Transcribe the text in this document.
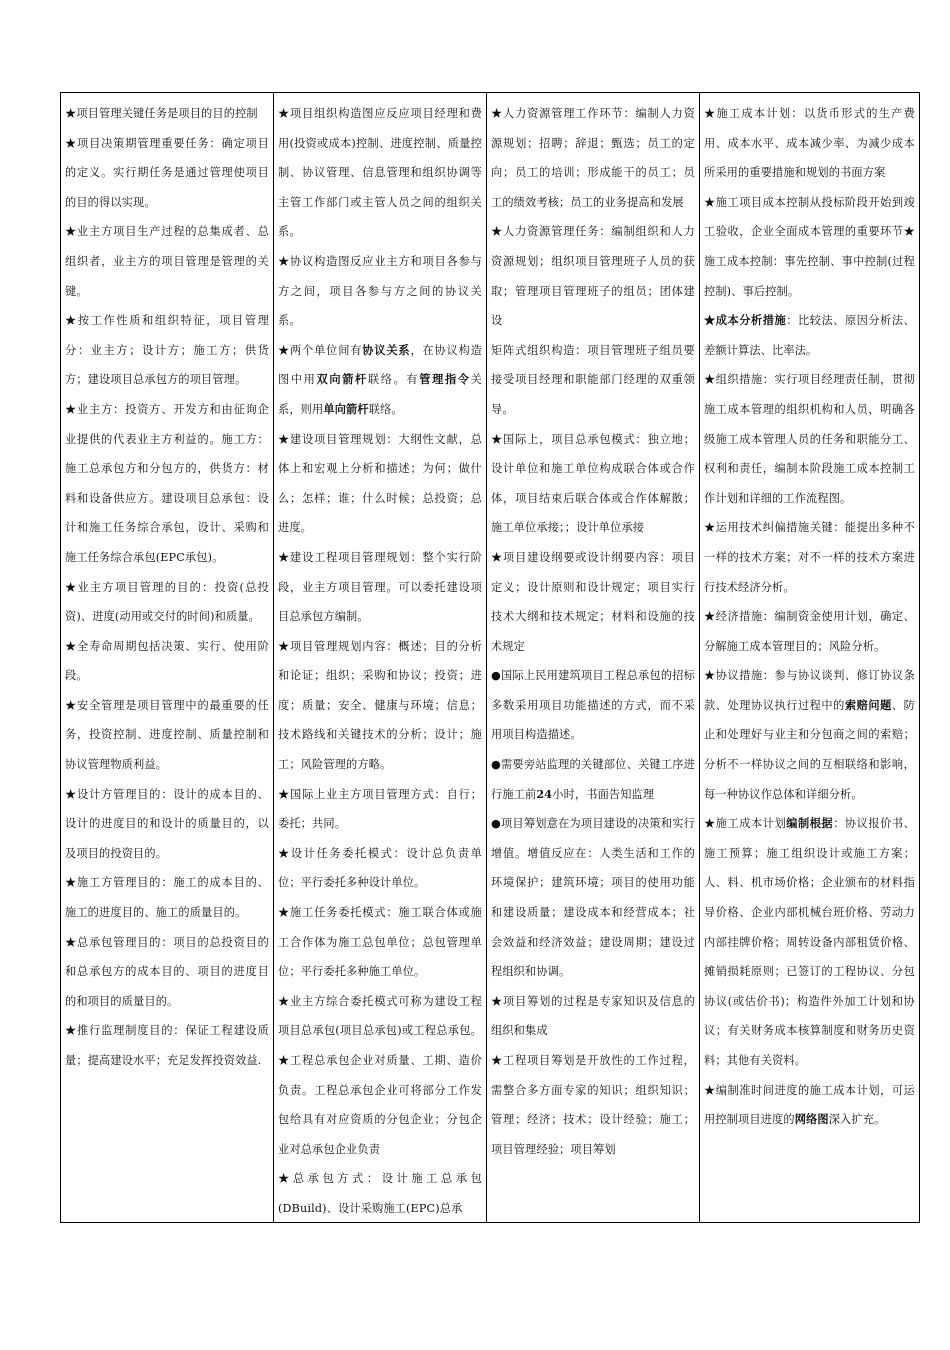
★项目管理关键任务是项目的目的控制

★项目决策期管理重要任务：确定项目的定义。实行期任务是通过管理使项目的目的得以实现。

★业主方项目生产过程的总集成者、总组织者，业主方的项目管理是管理的关键。

★按工作性质和组织特征，项目管理分：业主方；设计方；施工方；供货方；建设项目总承包方的项目管理。

★业主方：投资方、开发方和由征询企业提供的代表业主方利益的。施工方：施工总承包方和分包方的，供货方：材料和设备供应方。建设项目总承包：设计和施工任务综合承包，设计、采购和施工任务综合承包(EPC承包)。

★业主方项目管理的目的：投资(总投资)、进度(动用或交付的时间)和质量。

★全寿命周期包括决策、实行、使用阶段。

★安全管理是项目管理中的最重要的任务，投资控制、进度控制、质量控制和协议管理物质利益。

★设计方管理目的：设计的成本目的、设计的进度目的和设计的质量目的，以及项目的投资目的。

★施工方管理目的：施工的成本目的、施工的进度目的、施工的质量目的。

★总承包管理目的：项目的总投资目的和总承包方的成本目的、项目的进度目的和项目的质量目的。

★推行监理制度目的：保证工程建设质量；提高建设水平；充足发挥投资效益.

★项目组织构造图应反应项目经理和费用(投资或成本)控制、进度控制、质量控制、协议管理、信息管理和组织协调等主管工作部门或主管人员之间的组织关系。

★协议构造图反应业主方和项目各参与方之间，项目各参与方之间的协议关系。

★两个单位间有协议关系，在协议构造图中用双向箭杆联络。有管理指令关系，则用单向箭杆联络。

★建设项目管理规划：大纲性文献，总体上和宏观上分析和描述；为何；做什么；怎样；谁；什么时候；总投资；总进度。

★建设工程项目管理规划：整个实行阶段，业主方项目管理。可以委托建设项目总承包方编制。

★项目管理规划内容：概述；目的分析和论证；组织；采购和协议；投资；进度；质量；安全、健康与环境；信息；技术路线和关键技术的分析；设计；施工；风险管理的方略。

★国际上业主方项目管理方式：自行；委托；共同。

★设计任务委托模式：设计总负责单位；平行委托多种设计单位。

★施工任务委托模式：施工联合体或施工合作体为施工总包单位；总包管理单位；平行委托多种施工单位。

★业主方综合委托模式可称为建设工程项目总承包(项目总承包)或工程总承包。★工程总承包企业对质量、工期、造价负责。工程总承包企业可将部分工作发包给具有对应资质的分包企业；分包企业对总承包企业负责

★总承包方式：设计施工总承包(DBuild)、设计采购施工(EPC)总承

★人力资源管理工作环节：编制人力资源规划；招聘；辞退；甄选；员工的定向；员工的培训；形成能干的员工；员工的绩效考核；员工的业务提高和发展

★人力资源管理任务：编制组织和人力资源规划；组织项目管理班子人员的获取；管理项目管理班子的组员；团体建设

矩阵式组织构造：项目管理班子组员要接受项目经理和职能部门经理的双重领导。

★国际上，项目总承包模式：独立地；设计单位和施工单位构成联合体或合作体，项目结束后联合体或合作体解散；施工单位承接；；设计单位承接

★项目建设纲要或设计纲要内容：项目定义；设计原则和设计规定；项目实行技术大纲和技术规定；材料和设施的技术规定

●国际上民用建筑项目工程总承包的招标多数采用项目功能描述的方式，而不采用项目构造描述。

●需要旁站监理的关键部位、关键工序进行施工前24小时，书面告知监理

●项目筹划意在为项目建设的决策和实行增值。增值反应在：人类生活和工作的环境保护；建筑环境；项目的使用功能和建设质量；建设成本和经营成本；社会效益和经济效益；建设周期；建设过程组织和协调。

★项目筹划的过程是专家知识及信息的组织和集成

★工程项目筹划是开放性的工作过程，需整合多方面专家的知识；组织知识；管理；经济；技术；设计经验；施工；项目管理经验；项目筹划

★施工成本计划：以货币形式的生产费用、成本水平、成本减少率、为减少成本所采用的重要措施和规划的书面方案

★施工项目成本控制从投标阶段开始到竣工验收，企业全面成本管理的重要环节★施工成本控制：事先控制、事中控制(过程控制)、事后控制。

★成本分析措施：比较法、原因分析法、差额计算法、比率法。

★组织措施：实行项目经理责任制，贯彻施工成本管理的组织机构和人员，明确各级施工成本管理人员的任务和职能分工、权利和责任，编制本阶段施工成本控制工作计划和详细的工作流程图。

★运用技术纠偏措施关键：能提出多种不一样的技术方案；对不一样的技术方案进行技术经济分析。

★经济措施：编制资金使用计划，确定、分解施工成本管理目的；风险分析。

★协议措施：参与协议谈判、修订协议条款、处理协议执行过程中的索赔问题、防止和处理好与业主和分包商之间的索赔；分析不一样协议之间的互相联络和影响，每一种协议作总体和详细分析。

★施工成本计划编制根据：协议报价书、施工预算；施工组织设计或施工方案；人、料、机市场价格；企业颁布的材料指导价格、企业内部机械台班价格、劳动力内部挂牌价格；周转设备内部租赁价格、摊销损耗原则；已签订的工程协议、分包协议(或估价书)；构造件外加工计划和协议；有关财务成本核算制度和财务历史资料；其他有关资料。

★编制准时间进度的施工成本计划，可运用控制项目进度的网络图深入扩充。
